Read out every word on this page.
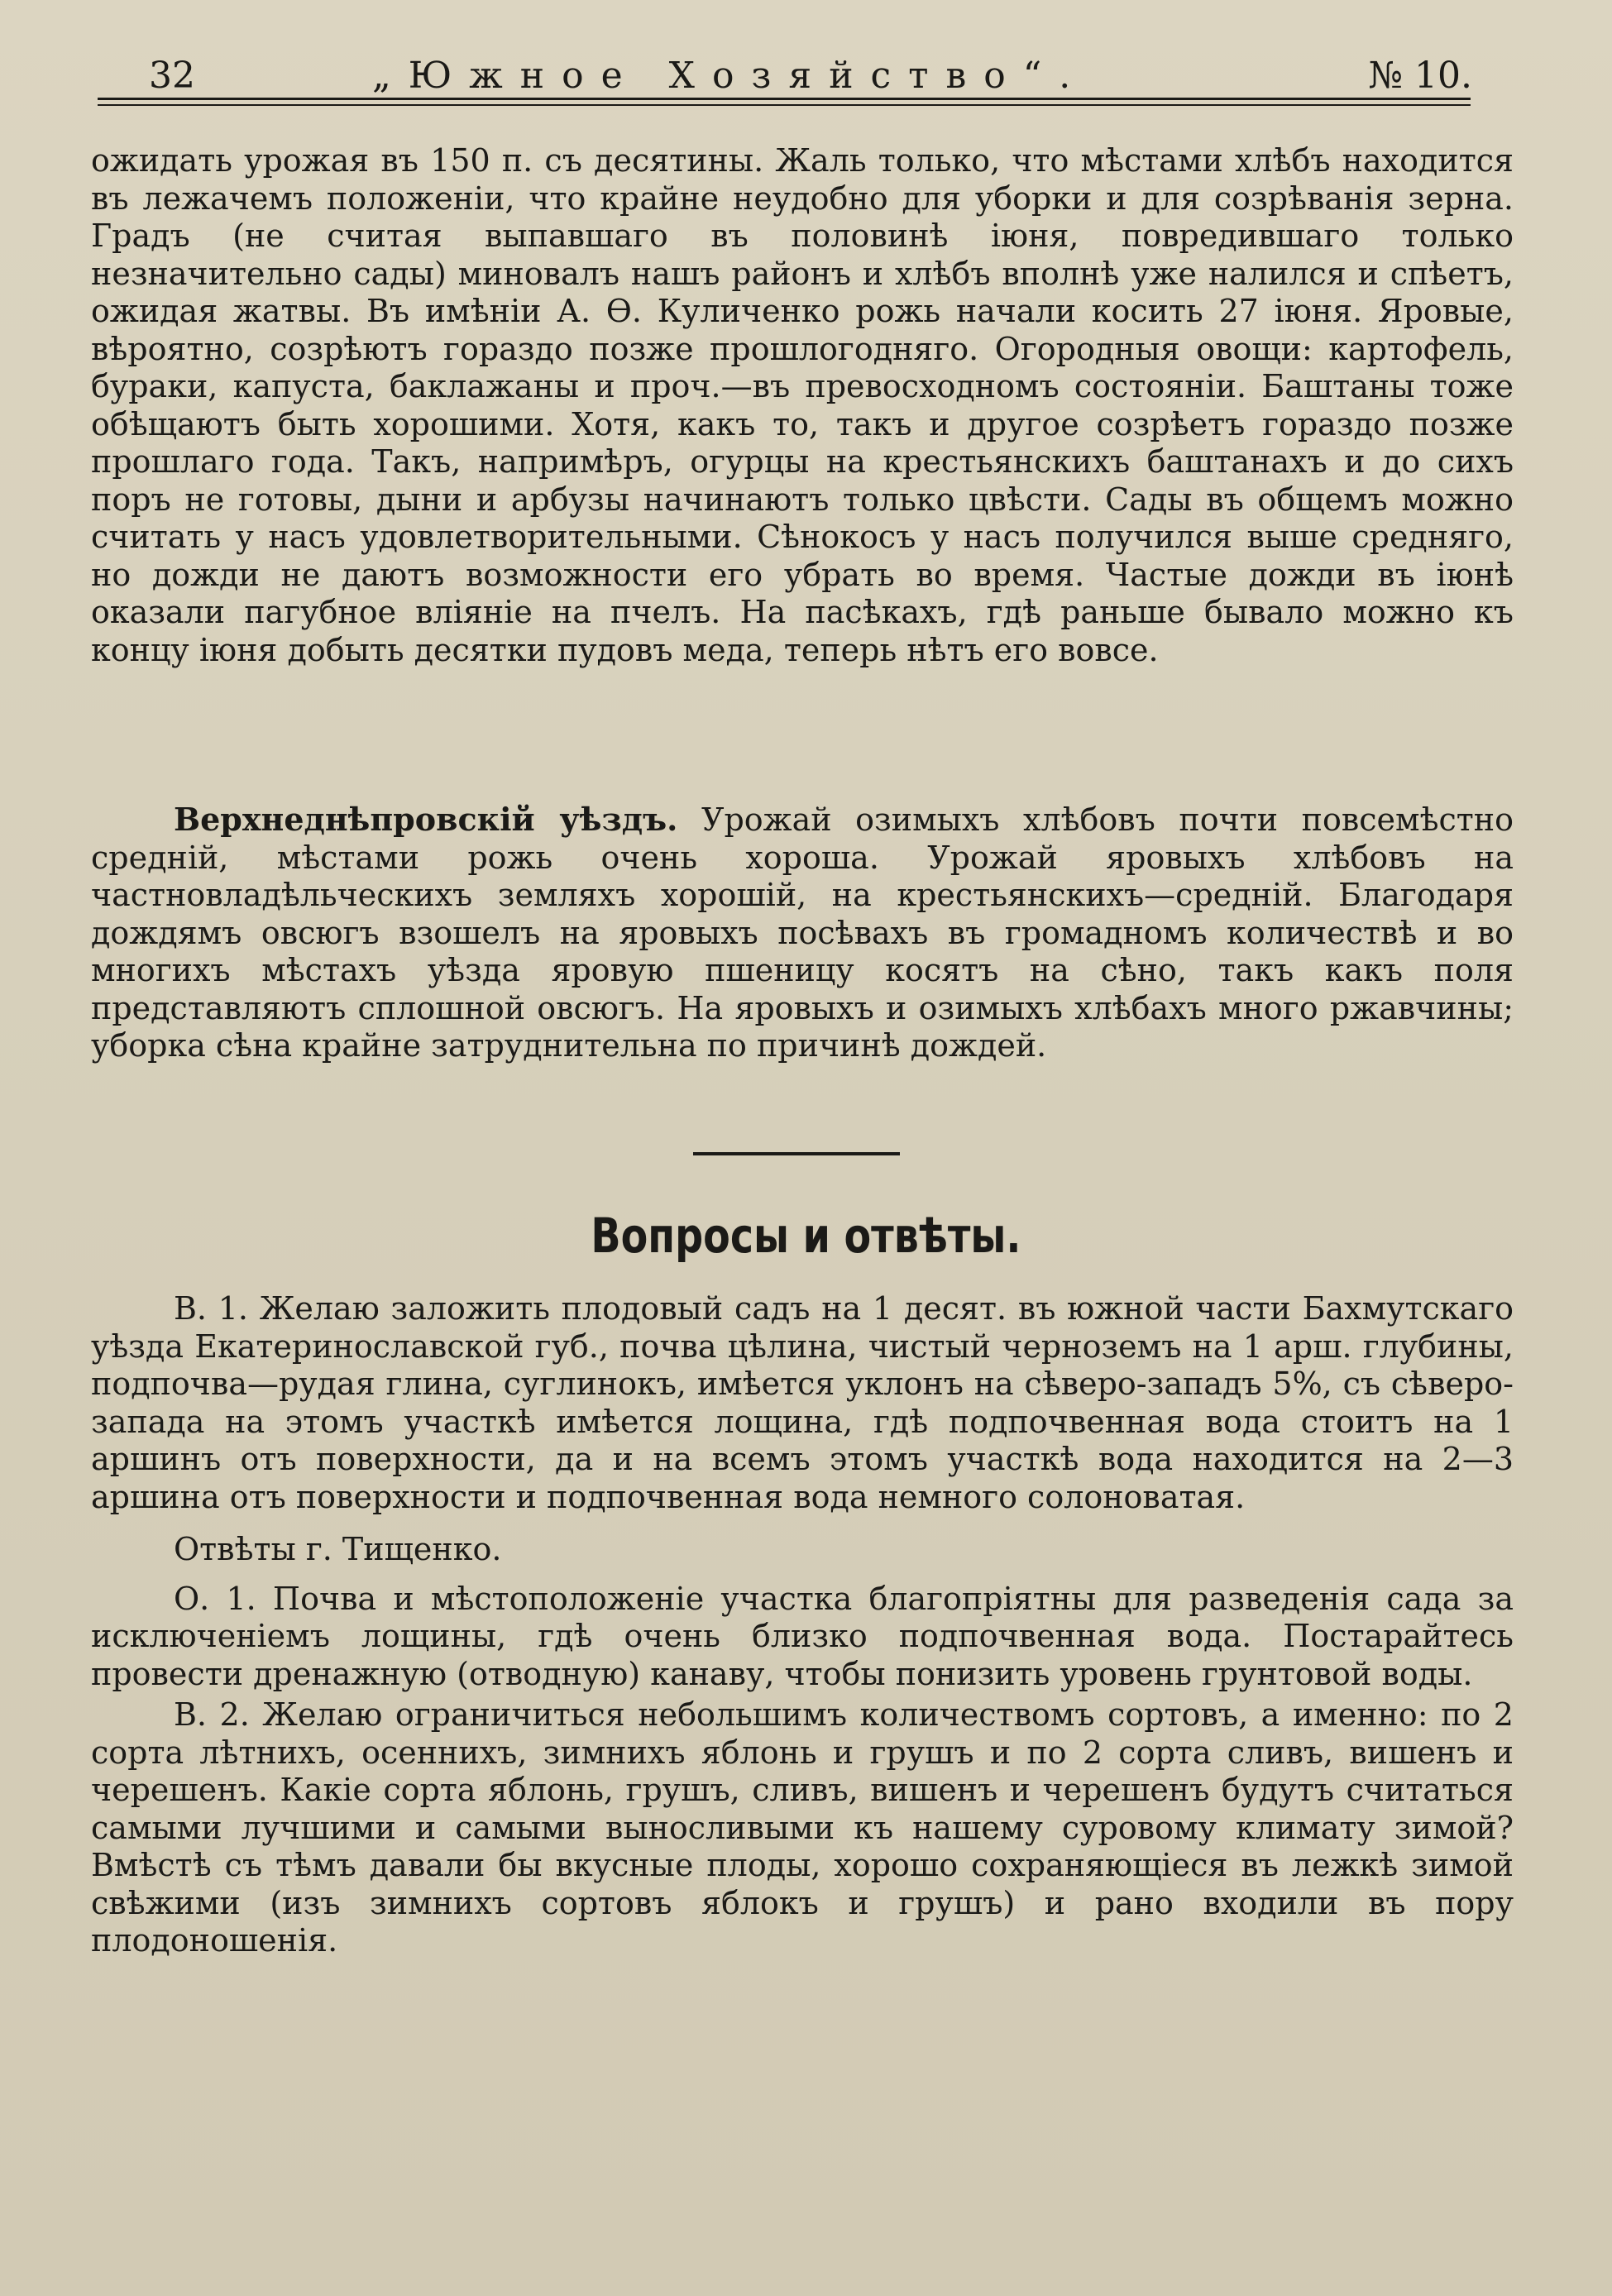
32	„Южное Хозяйство“.	№ 10.

ожидать урожая въ 150 п. съ десятины. Жаль только, что мѣстами хлѣбъ находится въ лежачемъ положеніи, что крайне неудобно для уборки и для созрѣванія зерна. Градъ (не считая выпавшаго въ половинѣ іюня, повредившаго только незначительно сады) миновалъ нашъ районъ и хлѣбъ вполнѣ уже налился и спѣетъ, ожидая жатвы. Въ имѣніи А. Ѳ. Куличенко рожь начали косить 27 іюня. Яровые, вѣроятно, созрѣютъ гораздо позже прошлогодняго. Огородныя овощи: картофель, бураки, капуста, баклажаны и проч.—въ превосходномъ состояніи. Баштаны тоже обѣщаютъ быть хорошими. Хотя, какъ то, такъ и другое созрѣетъ гораздо позже прошлаго года. Такъ, напримѣръ, огурцы на крестьянскихъ баштанахъ и до сихъ поръ не готовы, дыни и арбузы начинаютъ только цвѣсти. Сады въ общемъ можно считать у насъ удовлетворительными. Сѣнокосъ у насъ получился выше средняго, но дожди не даютъ возможности его убрать во время. Частые дожди въ іюнѣ оказали пагубное вліяніе на пчелъ. На пасѣкахъ, гдѣ раньше бывало можно къ концу іюня добыть десятки пудовъ меда, теперь нѣтъ его вовсе.

Верхнеднѣпровскій уѣздъ. Урожай озимыхъ хлѣбовъ почти повсемѣстно средній, мѣстами рожь очень хороша. Урожай яровыхъ хлѣбовъ на частновладѣльческихъ земляхъ хорошій, на крестьянскихъ—средній. Благодаря дождямъ овсюгъ взошелъ на яровыхъ посѣвахъ въ громадномъ количествѣ и во многихъ мѣстахъ уѣзда яровую пшеницу косятъ на сѣно, такъ какъ поля представляютъ сплошной овсюгъ. На яровыхъ и озимыхъ хлѣбахъ много ржавчины; уборка сѣна крайне затруднительна по причинѣ дождей.

Вопросы и отвѣты.

В. 1. Желаю заложить плодовый садъ на 1 десят. въ южной части Бахмутскаго уѣзда Екатеринославской губ., почва цѣлина, чистый черноземъ на 1 арш. глубины, подпочва—рудая глина, суглинокъ, имѣется уклонъ на сѣверо-западъ 5%, съ сѣверо-запада на этомъ участкѣ имѣется лощина, гдѣ подпочвенная вода стоитъ на 1 аршинъ отъ поверхности, да и на всемъ этомъ участкѣ вода находится на 2—3 аршина отъ поверхности и подпочвенная вода немного солоноватая.

Отвѣты г. Тищенко.

О. 1. Почва и мѣстоположеніе участка благопріятны для разведенія сада за исключеніемъ лощины, гдѣ очень близко подпочвенная вода. Постарайтесь провести дренажную (отводную) канаву, чтобы понизить уровень грунтовой воды.

В. 2. Желаю ограничиться небольшимъ количествомъ сортовъ, а именно: по 2 сорта лѣтнихъ, осеннихъ, зимнихъ яблонь и грушъ и по 2 сорта сливъ, вишенъ и черешенъ. Какіе сорта яблонь, грушъ, сливъ, вишенъ и черешенъ будутъ считаться самыми лучшими и самыми выносливыми къ нашему суровому климату зимой? Вмѣстѣ съ тѣмъ давали бы вкусные плоды, хорошо сохраняющіеся въ лежкѣ зимой свѣжими (изъ зимнихъ сортовъ яблокъ и грушъ) и рано входили въ пору плодоношенія.
